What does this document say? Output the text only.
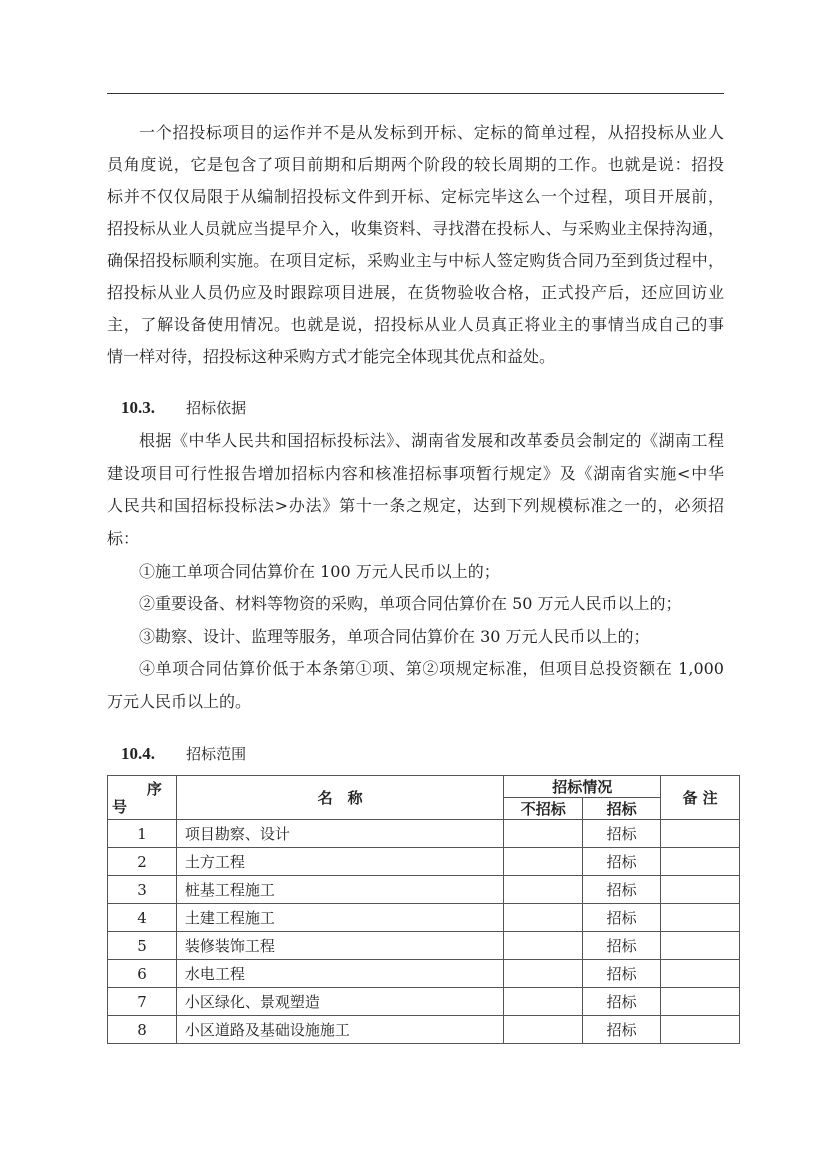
一个招投标项目的运作并不是从发标到开标、定标的简单过程，从招投标从业人
员角度说，它是包含了项目前期和后期两个阶段的较长周期的工作。也就是说：招投
标并不仅仅局限于从编制招投标文件到开标、定标完毕这么一个过程，项目开展前，
招投标从业人员就应当提早介入，收集资料、寻找潜在投标人、与采购业主保持沟通，
确保招投标顺利实施。在项目定标，采购业主与中标人签定购货合同乃至到货过程中，
招投标从业人员仍应及时跟踪项目进展，在货物验收合格，正式投产后，还应回访业
主，了解设备使用情况。也就是说，招投标从业人员真正将业主的事情当成自己的事
情一样对待，招投标这种采购方式才能完全体现其优点和益处。
10.3. 招标依据
根据《中华人民共和国招标投标法》、湖南省发展和改革委员会制定的《湖南工程
建设项目可行性报告增加招标内容和核准招标事项暂行规定》及《湖南省实施<中华
人民共和国招标投标法>办法》第十一条之规定，达到下列规模标准之一的，必须招
标：
①施工单项合同估算价在 100 万元人民币以上的；
②重要设备、材料等物资的采购，单项合同估算价在 50 万元人民币以上的；
③勘察、设计、监理等服务，单项合同估算价在 30 万元人民币以上的；
④单项合同估算价低于本条第①项、第②项规定标准，但项目总投资额在 1,000
万元人民币以上的。
10.4. 招标范围
序
号	名　称	招标情况		备 注
		不招标	招标	
1	项目勘察、设计		招标	
2	土方工程		招标	
3	桩基工程施工		招标	
4	土建工程施工		招标	
5	装修装饰工程		招标	
6	水电工程		招标	
7	小区绿化、景观塑造		招标	
8	小区道路及基础设施施工		招标	
